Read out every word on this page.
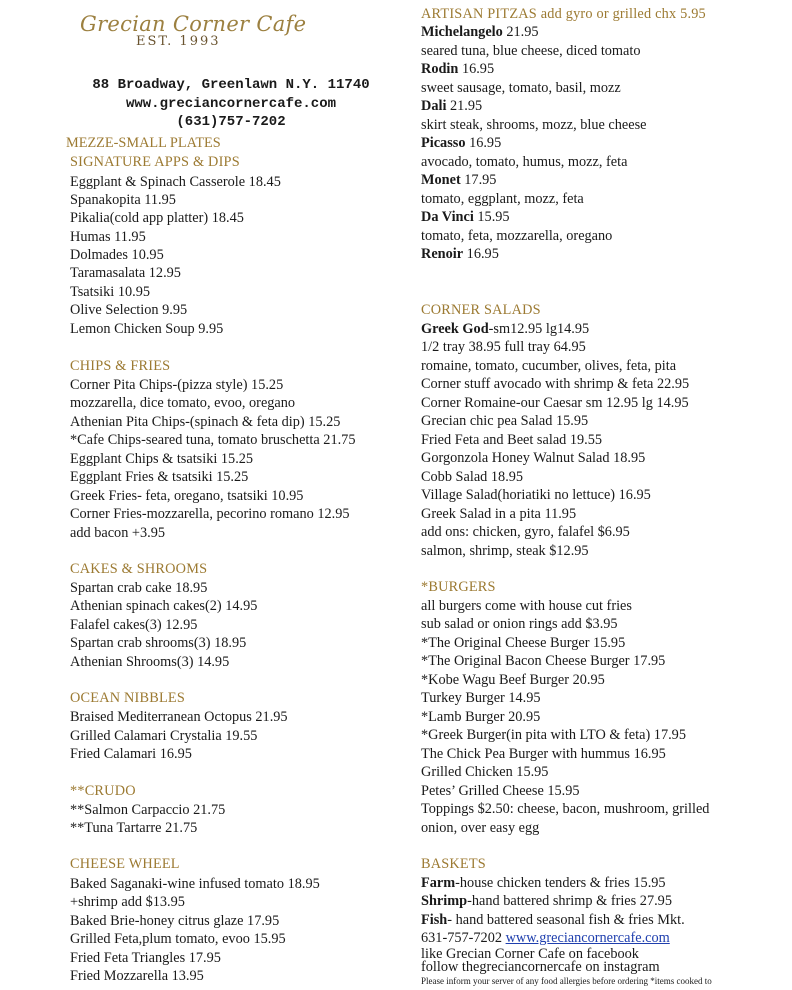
Grecian Corner Cafe
EST. 1993
88 Broadway, Greenlawn N.Y. 11740
www.greciancornercafe.com
(631)757-7202
MEZZE-SMALL PLATES
SIGNATURE APPS & DIPS
Eggplant & Spinach Casserole 18.45
Spanakopita 11.95
Pikalia(cold app platter) 18.45
Humas 11.95
Dolmades 10.95
Taramasalata 12.95
Tsatsiki 10.95
Olive Selection 9.95
Lemon Chicken Soup 9.95
CHIPS & FRIES
Corner Pita Chips-(pizza style) 15.25
mozzarella, dice tomato, evoo, oregano
Athenian Pita Chips-(spinach & feta dip) 15.25
*Cafe Chips-seared tuna, tomato bruschetta 21.75
Eggplant Chips & tsatsiki 15.25
Eggplant Fries & tsatsiki 15.25
Greek Fries- feta, oregano, tsatsiki 10.95
Corner Fries-mozzarella, pecorino romano 12.95
add bacon +3.95
CAKES & SHROOMS
Spartan crab cake 18.95
Athenian spinach cakes(2) 14.95
Falafel cakes(3) 12.95
Spartan crab shrooms(3) 18.95
Athenian Shrooms(3) 14.95
OCEAN NIBBLES
Braised Mediterranean Octopus 21.95
Grilled Calamari Crystalia 19.55
Fried Calamari 16.95
**CRUDO
**Salmon Carpaccio 21.75
**Tuna Tartarre 21.75
CHEESE WHEEL
Baked Saganaki-wine infused tomato 18.95
+shrimp add $13.95
Baked Brie-honey citrus glaze 17.95
Grilled Feta,plum tomato, evoo 15.95
Fried Feta Triangles 17.95
Fried Mozzarella 13.95
ARTISAN PITZAS add gyro or grilled chx 5.95
Michelangelo 21.95
seared tuna, blue cheese, diced tomato
Rodin 16.95
sweet sausage, tomato, basil, mozz
Dali 21.95
skirt steak, shrooms, mozz, blue cheese
Picasso 16.95
avocado, tomato, humus, mozz, feta
Monet 17.95
tomato, eggplant, mozz, feta
Da Vinci 15.95
tomato, feta, mozzarella, oregano
Renoir 16.95
CORNER SALADS
Greek God-sm12.95 lg14.95
1/2 tray 38.95 full tray 64.95
romaine, tomato, cucumber, olives, feta, pita
Corner stuff avocado with shrimp & feta 22.95
Corner Romaine-our Caesar sm 12.95 lg 14.95
Grecian chic pea Salad 15.95
Fried Feta and Beet salad 19.55
Gorgonzola Honey Walnut Salad 18.95
Cobb Salad 18.95
Village Salad(horiatiki no lettuce) 16.95
Greek Salad in a pita 11.95
add ons: chicken, gyro, falafel $6.95
salmon, shrimp, steak $12.95
*BURGERS
all burgers come with house cut fries
sub salad or onion rings add $3.95
*The Original Cheese Burger 15.95
*The Original Bacon Cheese Burger 17.95
*Kobe Wagu Beef Burger 20.95
Turkey Burger 14.95
*Lamb Burger 20.95
*Greek Burger(in pita with LTO & feta) 17.95
The Chick Pea Burger with hummus 16.95
Grilled Chicken 15.95
Petes’ Grilled Cheese 15.95
Toppings $2.50: cheese, bacon, mushroom, grilled
onion, over easy egg
BASKETS
Farm-house chicken tenders & fries 15.95
Shrimp-hand battered shrimp & fries 27.95
Fish- hand battered seasonal fish & fries Mkt.
631-757-7202 www.greciancornercafe.com
like Grecian Corner Cafe on facebook
follow thegreciancornercafe on instagram
Please inform your server of any food allergies before ordering *items cooked to
